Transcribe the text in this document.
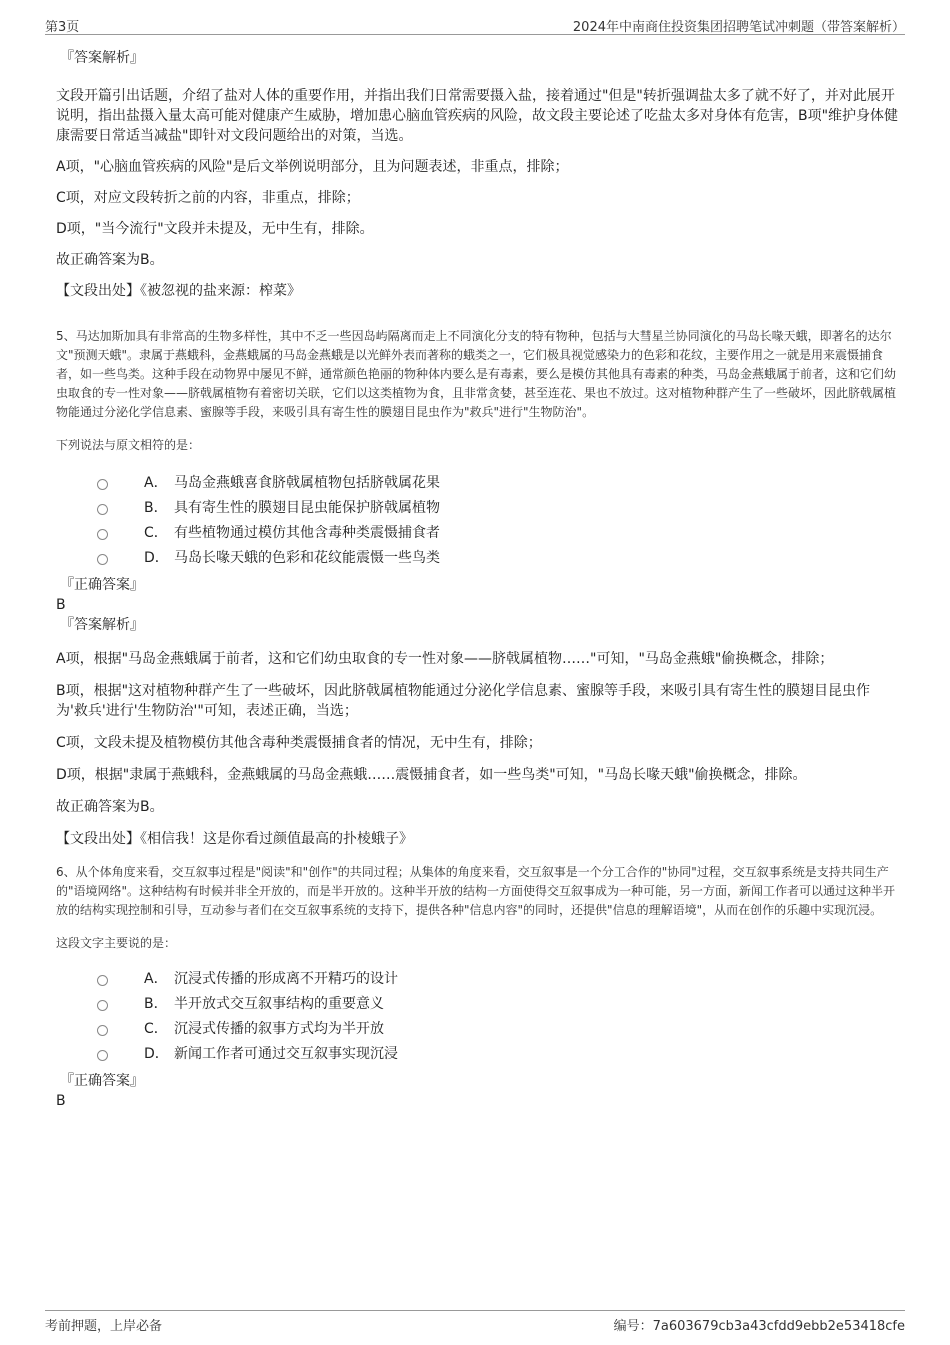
第3页	2024年中南商住投资集团招聘笔试冲刺题（带答案解析）

『答案解析』

文段开篇引出话题，介绍了盐对人体的重要作用，并指出我们日常需要摄入盐，接着通过"但是"转折强调盐太多了就不好了，并对此展开说明，指出盐摄入量太高可能对健康产生威胁，增加患心脑血管疾病的风险，故文段主要论述了吃盐太多对身体有危害，B项"维护身体健康需要日常适当减盐"即针对文段问题给出的对策，当选。

A项，"心脑血管疾病的风险"是后文举例说明部分，且为问题表述，非重点，排除；

C项，对应文段转折之前的内容，非重点，排除；

D项，"当今流行"文段并未提及，无中生有，排除。

故正确答案为B。

【文段出处】《被忽视的盐来源：榨菜》

5、马达加斯加具有非常高的生物多样性，其中不乏一些因岛屿隔离而走上不同演化分支的特有物种，包括与大彗星兰协同演化的马岛长喙天蛾，即著名的达尔文"预测天蛾"。隶属于燕蛾科，金燕蛾属的马岛金燕蛾是以光鲜外表而著称的蛾类之一，它们极具视觉感染力的色彩和花纹，主要作用之一就是用来震慑捕食者，如一些鸟类。这种手段在动物界中屡见不鲜，通常颜色艳丽的物种体内要么是有毒素，要么是模仿其他具有毒素的种类，马岛金燕蛾属于前者，这和它们幼虫取食的专一性对象——脐戟属植物有着密切关联，它们以这类植物为食，且非常贪婪，甚至连花、果也不放过。这对植物种群产生了一些破坏，因此脐戟属植物能通过分泌化学信息素、蜜腺等手段，来吸引具有寄生性的膜翅目昆虫作为"救兵"进行"生物防治"。

下列说法与原文相符的是：

A． 马岛金燕蛾喜食脐戟属植物包括脐戟属花果
B． 具有寄生性的膜翅目昆虫能保护脐戟属植物
C． 有些植物通过模仿其他含毒种类震慑捕食者
D． 马岛长喙天蛾的色彩和花纹能震慑一些鸟类

『正确答案』

B

『答案解析』

A项，根据"马岛金燕蛾属于前者，这和它们幼虫取食的专一性对象——脐戟属植物……"可知，"马岛金燕蛾"偷换概念，排除；

B项，根据"这对植物种群产生了一些破坏，因此脐戟属植物能通过分泌化学信息素、蜜腺等手段，来吸引具有寄生性的膜翅目昆虫作为'救兵'进行'生物防治'"可知，表述正确，当选；

C项，文段未提及植物模仿其他含毒种类震慑捕食者的情况，无中生有，排除；

D项，根据"隶属于燕蛾科，金燕蛾属的马岛金燕蛾……震慑捕食者，如一些鸟类"可知，"马岛长喙天蛾"偷换概念，排除。

故正确答案为B。

【文段出处】《相信我！这是你看过颜值最高的扑棱蛾子》

6、从个体角度来看，交互叙事过程是"阅读"和"创作"的共同过程；从集体的角度来看，交互叙事是一个分工合作的"协同"过程，交互叙事系统是支持共同生产的"语境网络"。这种结构有时候并非全开放的，而是半开放的。这种半开放的结构一方面使得交互叙事成为一种可能，另一方面，新闻工作者可以通过这种半开放的结构实现控制和引导，互动参与者们在交互叙事系统的支持下，提供各种"信息内容"的同时，还提供"信息的理解语境"，从而在创作的乐趣中实现沉浸。

这段文字主要说的是：

A． 沉浸式传播的形成离不开精巧的设计
B． 半开放式交互叙事结构的重要意义
C． 沉浸式传播的叙事方式均为半开放
D． 新闻工作者可通过交互叙事实现沉浸

『正确答案』

B

考前押题，上岸必备	编号：7a603679cb3a43cfdd9ebb2e53418cfe
